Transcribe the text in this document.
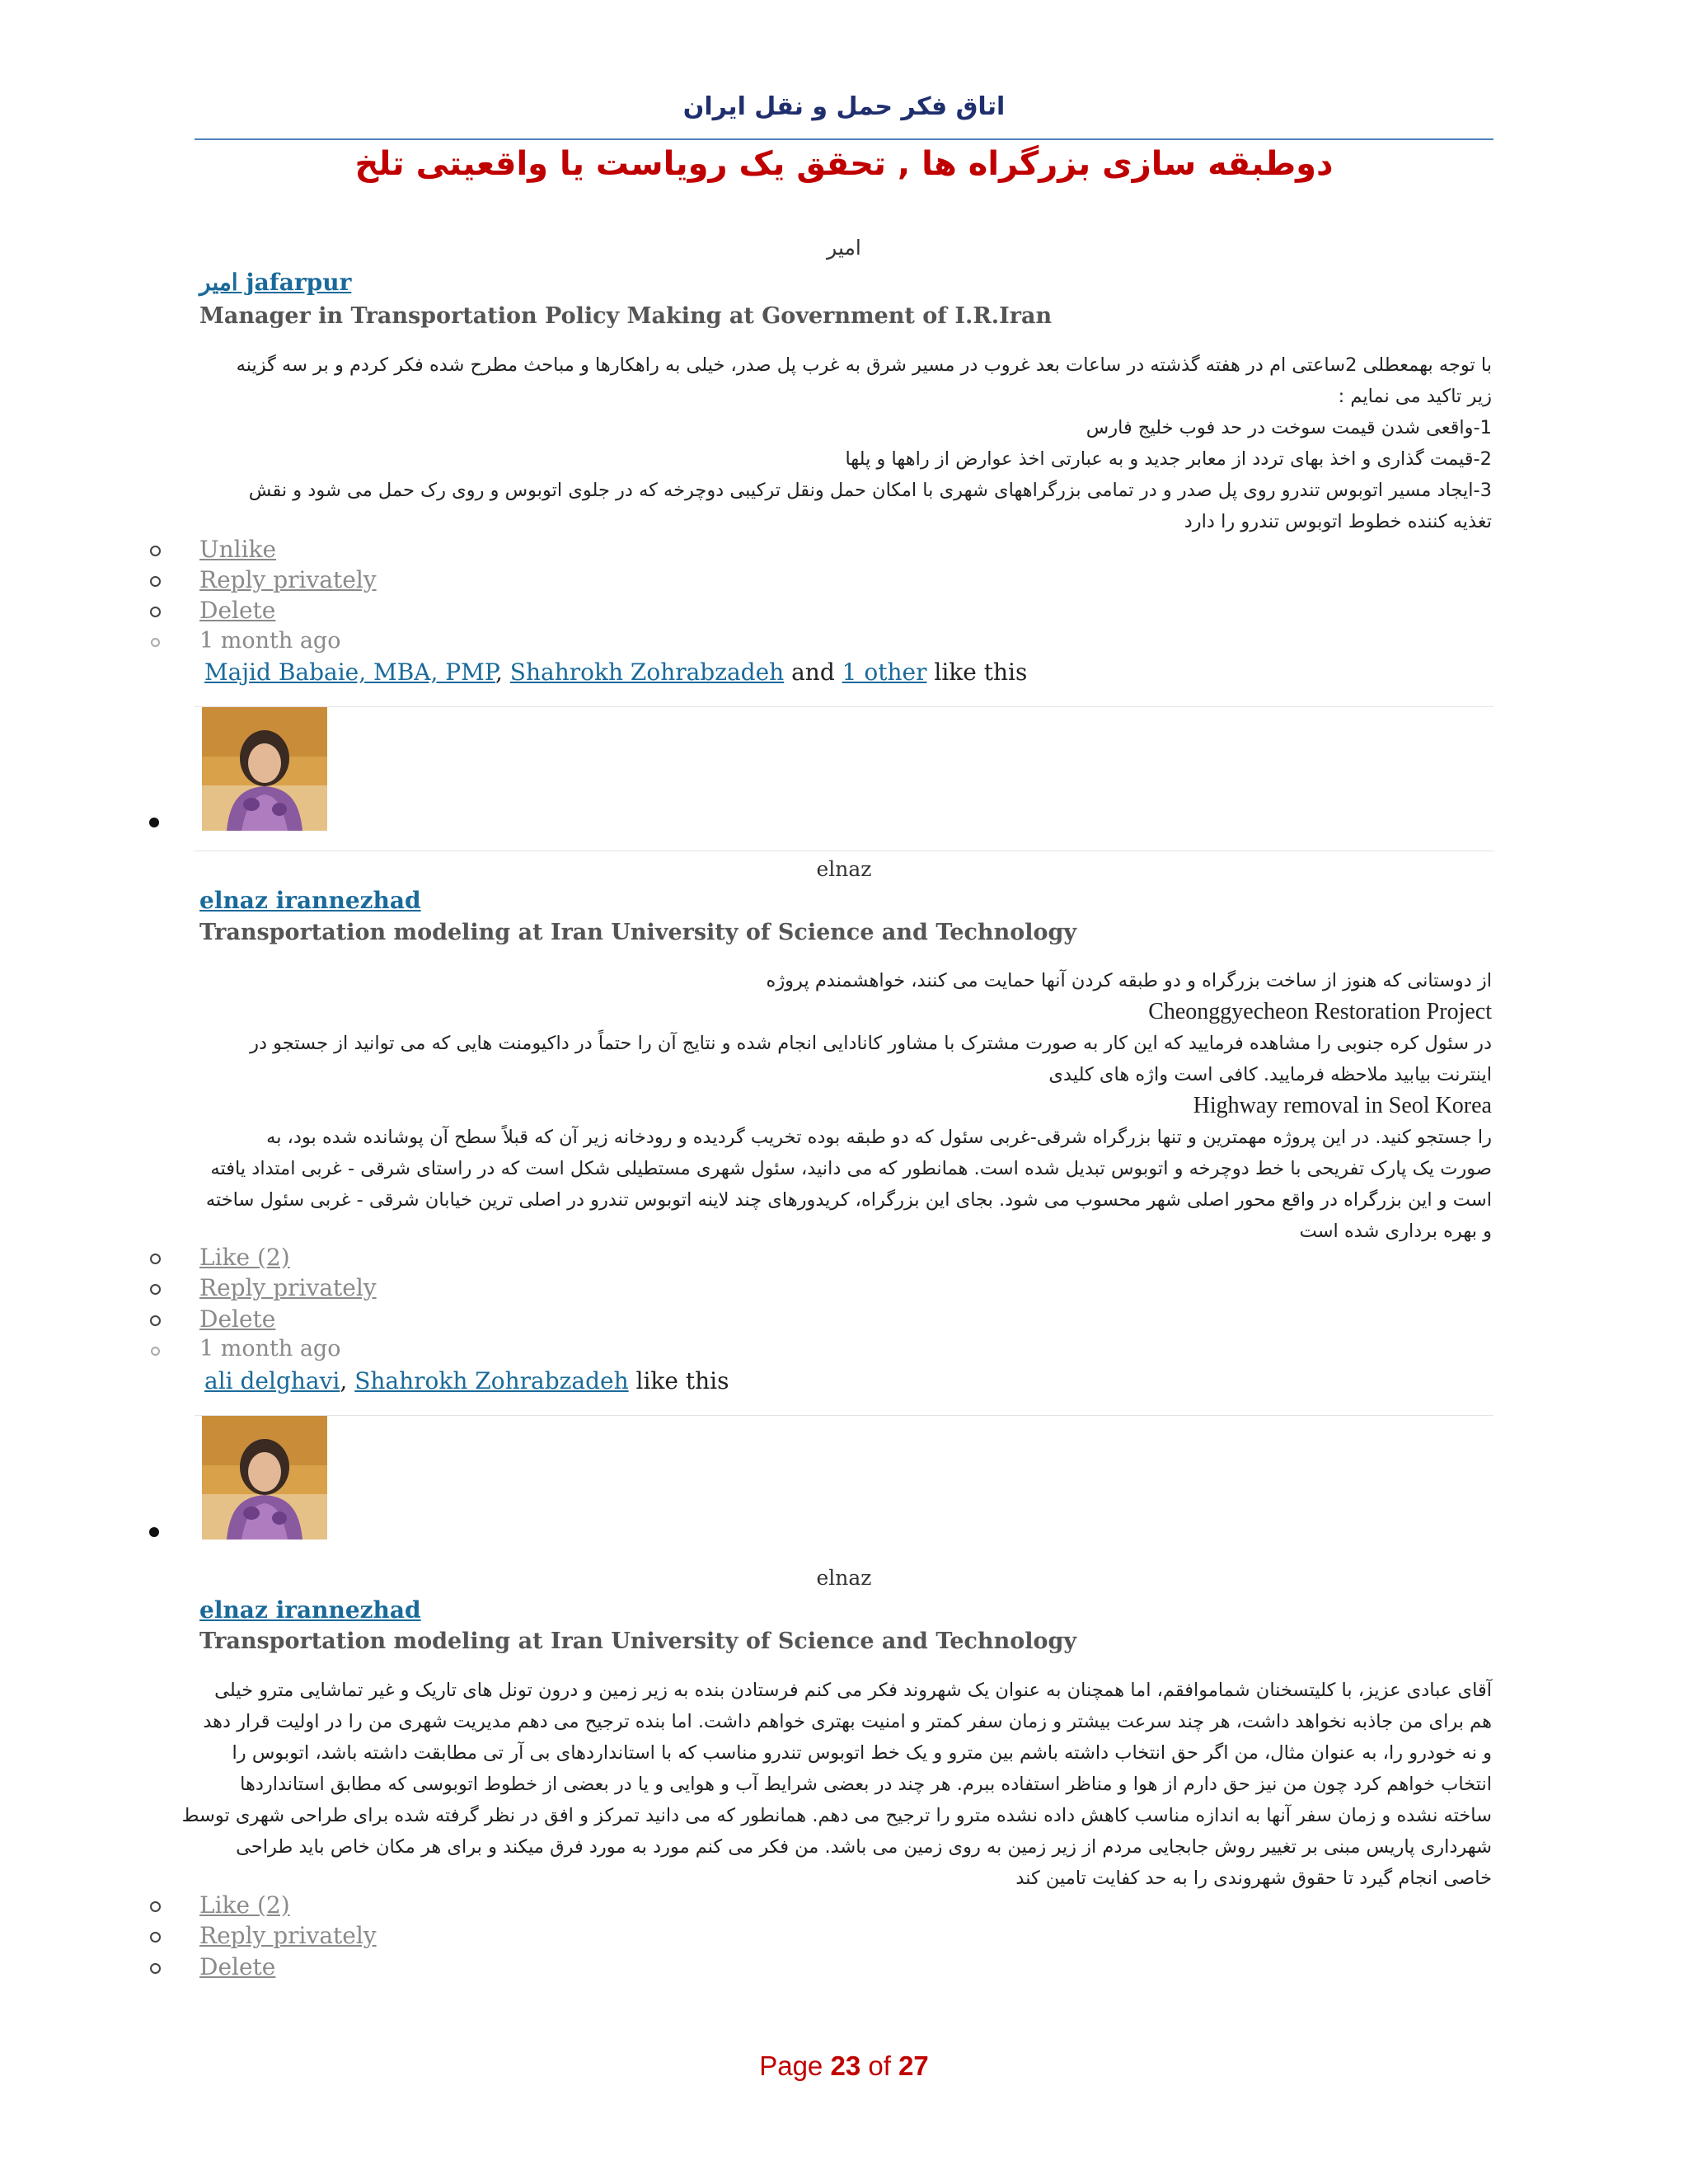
اتاق فکر حمل و نقل ایران
دوطبقه سازی بزرگراه ها , تحقق یک رویاست یا واقعیتی تلخ
امیر
امیر jafarpur
Manager in Transportation Policy Making at Government of I.R.Iran
با توجه بهمعطلی 2ساعتی ام در هفته گذشته در ساعات بعد غروب در مسیر شرق به غرب پل صدر، خیلی به راهکارها و مباحث مطرح شده فکر کردم و بر سه گزینه
زیر تاکید می نمایم :
1-واقعی شدن قیمت سوخت در حد فوب خلیج فارس
2-قیمت گذاری و اخذ بهای تردد از معابر جدید و به عبارتی اخذ عوارض از راهها و پلها
3-ایجاد مسیر اتوبوس تندرو روی پل صدر و در تمامی بزرگراههای شهری با امکان حمل ونقل ترکیبی دوچرخه که در جلوی اتوبوس و روی رک حمل می شود و نقش
تغذیه کننده خطوط اتوبوس تندرو را دارد
Unlike
Reply privately
Delete
1 month ago
Majid Babaie, MBA, PMP, Shahrokh Zohrabzadeh and 1 other like this
elnaz
elnaz irannezhad
Transportation modeling at Iran University of Science and Technology
از دوستانی که هنوز از ساخت بزرگراه و دو طبقه کردن آنها حمایت می کنند، خواهشمندم پروژه
Cheonggyecheon Restoration Project
در سئول کره جنوبی را مشاهده فرمایید که این کار به صورت مشترک با مشاور کانادایی انجام شده و نتایج آن را حتماً در داکیومنت هایی که می توانید از جستجو در
اینترنت بیابید ملاحظه فرمایید. کافی است واژه های کلیدی
Highway removal in Seol Korea
را جستجو کنید. در این پروژه مهمترین و تنها بزرگراه شرقی-غربی سئول که دو طبقه بوده تخریب گردیده و رودخانه زیر آن که قبلاً سطح آن پوشانده شده بود، به
صورت یک پارک تفریحی با خط دوچرخه و اتوبوس تبدیل شده است. همانطور که می دانید، سئول شهری مستطیلی شکل است که در راستای شرقی - غربی امتداد یافته
است و این بزرگراه در واقع محور اصلی شهر محسوب می شود. بجای این بزرگراه، کریدورهای چند لاینه اتوبوس تندرو در اصلی ترین خیابان شرقی - غربی سئول ساخته
و بهره برداری شده است
Like (2)
Reply privately
Delete
1 month ago
ali delghavi, Shahrokh Zohrabzadeh like this
elnaz
elnaz irannezhad
Transportation modeling at Iran University of Science and Technology
آقای عبادی عزیز، با کلیتسخنان شماموافقم، اما همچنان به عنوان یک شهروند فکر می کنم فرستادن بنده به زیر زمین و درون تونل های تاریک و غیر تماشایی مترو خیلی
هم برای من جاذبه نخواهد داشت، هر چند سرعت بیشتر و زمان سفر کمتر و امنیت بهتری خواهم داشت. اما بنده ترجیح می دهم مدیریت شهری من را در اولیت قرار دهد
و نه خودرو را، به عنوان مثال، من اگر حق انتخاب داشته باشم بین مترو و یک خط اتوبوس تندرو مناسب که با استانداردهای بی آر تی مطابقت داشته باشد، اتوبوس را
انتخاب خواهم کرد چون من نیز حق دارم از هوا و مناظر استفاده ببرم. هر چند در بعضی شرایط آب و هوایی و یا در بعضی از خطوط اتوبوسی که مطابق استانداردها
ساخته نشده و زمان سفر آنها به اندازه مناسب کاهش داده نشده مترو را ترجیح می دهم. همانطور که می دانید تمرکز و افق در نظر گرفته شده برای طراحی شهری توسط
شهرداری پاریس مبنی بر تغییر روش جابجایی مردم از زیر زمین به روی زمین می باشد. من فکر می کنم مورد به مورد فرق میکند و برای هر مکان خاص باید طراحی
خاصی انجام گیرد تا حقوق شهروندی را به حد کفایت تامین کند
Like (2)
Reply privately
Delete
Page 23 of 27
